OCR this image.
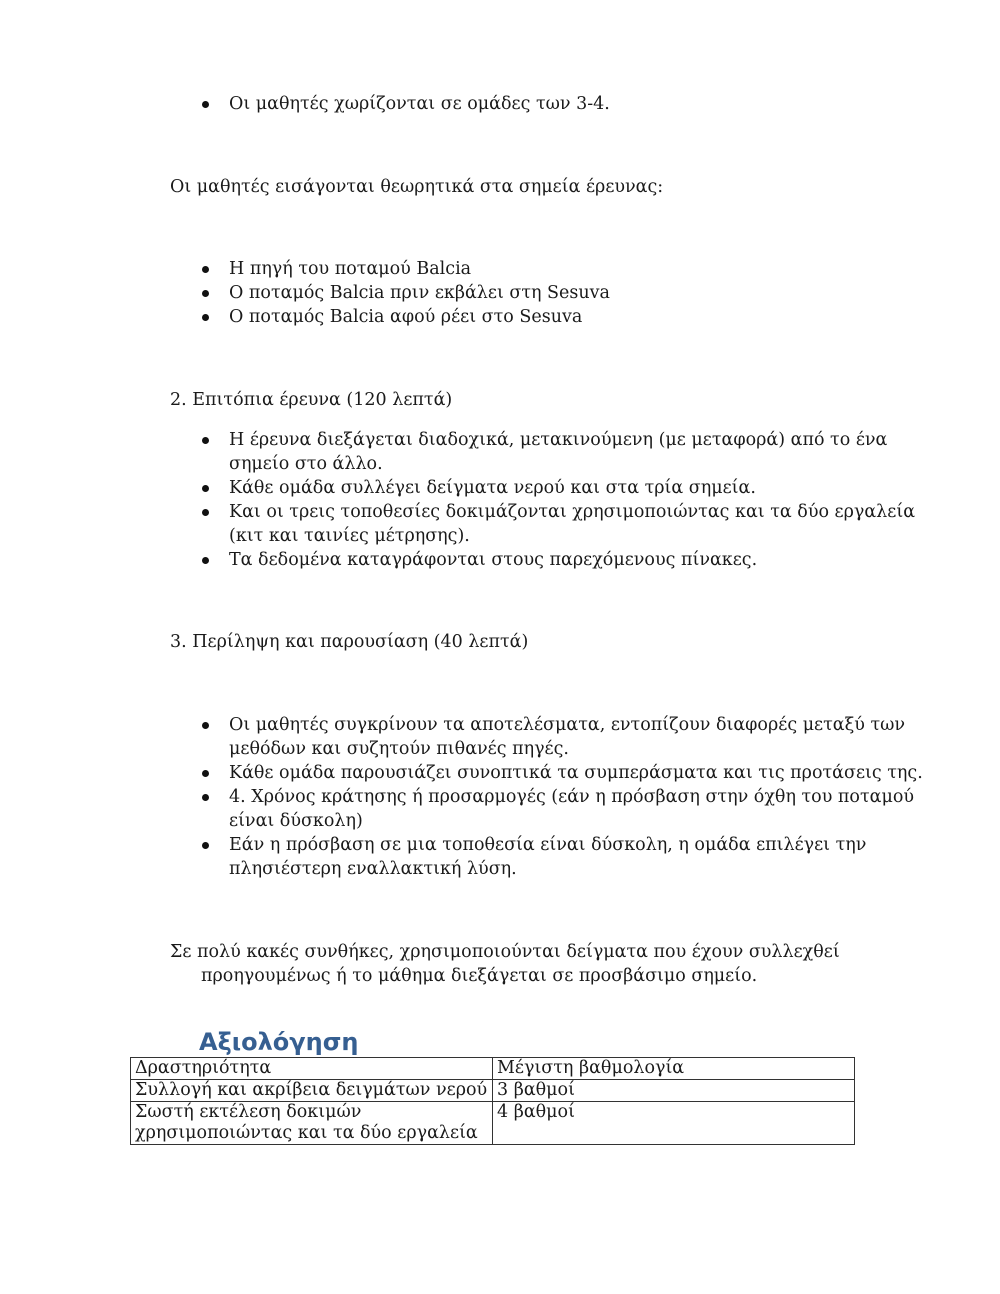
Οι μαθητές χωρίζονται σε ομάδες των 3-4.

Οι μαθητές εισάγονται θεωρητικά στα σημεία έρευνας:

Η πηγή του ποταμού Balcia
Ο ποταμός Balcia πριν εκβάλει στη Sesuva
Ο ποταμός Balcia αφού ρέει στο Sesuva

2. Επιτόπια έρευνα (120 λεπτά)

Η έρευνα διεξάγεται διαδοχικά, μετακινούμενη (με μεταφορά) από το ένα σημείο στο άλλο.
Κάθε ομάδα συλλέγει δείγματα νερού και στα τρία σημεία.
Και οι τρεις τοποθεσίες δοκιμάζονται χρησιμοποιώντας και τα δύο εργαλεία (κιτ και ταινίες μέτρησης).
Τα δεδομένα καταγράφονται στους παρεχόμενους πίνακες.

3. Περίληψη και παρουσίαση (40 λεπτά)

Οι μαθητές συγκρίνουν τα αποτελέσματα, εντοπίζουν διαφορές μεταξύ των μεθόδων και συζητούν πιθανές πηγές.
Κάθε ομάδα παρουσιάζει συνοπτικά τα συμπεράσματα και τις προτάσεις της.
4. Χρόνος κράτησης ή προσαρμογές (εάν η πρόσβαση στην όχθη του ποταμού είναι δύσκολη)
Εάν η πρόσβαση σε μια τοποθεσία είναι δύσκολη, η ομάδα επιλέγει την πλησιέστερη εναλλακτική λύση.

Σε πολύ κακές συνθήκες, χρησιμοποιούνται δείγματα που έχουν συλλεχθεί προηγουμένως ή το μάθημα διεξάγεται σε προσβάσιμο σημείο.

Αξιολόγηση
Δραστηριότητα	Μέγιστη βαθμολογία
Συλλογή και ακρίβεια δειγμάτων νερού	3 βαθμοί
Σωστή εκτέλεση δοκιμών χρησιμοποιώντας και τα δύο εργαλεία	4 βαθμοί
